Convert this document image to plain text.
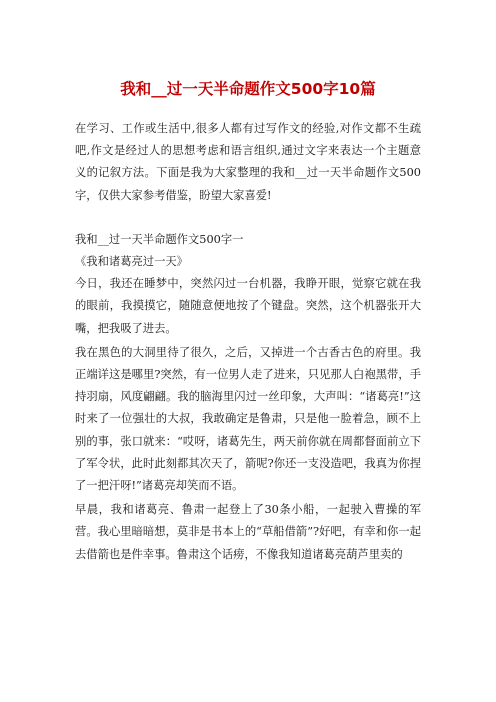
我和__过一天半命题作文500字10篇

在学习、工作或生活中,很多人都有过写作文的经验,对作文都不生疏吧,作文是经过人的思想考虑和语言组织,通过文字来表达一个主题意义的记叙方法。下面是我为大家整理的我和__过一天半命题作文500字，仅供大家参考借鉴，盼望大家喜爱!

我和__过一天半命题作文500字一

《我和诸葛亮过一天》

今日，我还在睡梦中，突然闪过一台机器，我睁开眼，觉察它就在我的眼前，我摸摸它，随随意便地按了个键盘。突然，这个机器张开大嘴，把我吸了进去。

我在黑色的大洞里待了很久，之后，又掉进一个古香古色的府里。我正端详这是哪里?突然，有一位男人走了进来，只见那人白袍黑带，手持羽扇，风度翩翩。我的脑海里闪过一丝印象，大声叫：“诸葛亮!”这时来了一位强壮的大叔，我敢确定是鲁肃，只是他一脸着急，顾不上别的事，张口就来：“哎呀，诸葛先生，两天前你就在周都督面前立下了军令状，此时此刻都其次天了，箭呢?你还一支没造吧，我真为你捏了一把汗呀!”诸葛亮却笑而不语。

早晨，我和诸葛亮、鲁肃一起登上了30条小船，一起驶入曹操的军营。我心里暗暗想，莫非是书本上的“草船借箭”?好吧，有幸和你一起去借箭也是件幸事。鲁肃这个话痨，不像我知道诸葛亮葫芦里卖的
